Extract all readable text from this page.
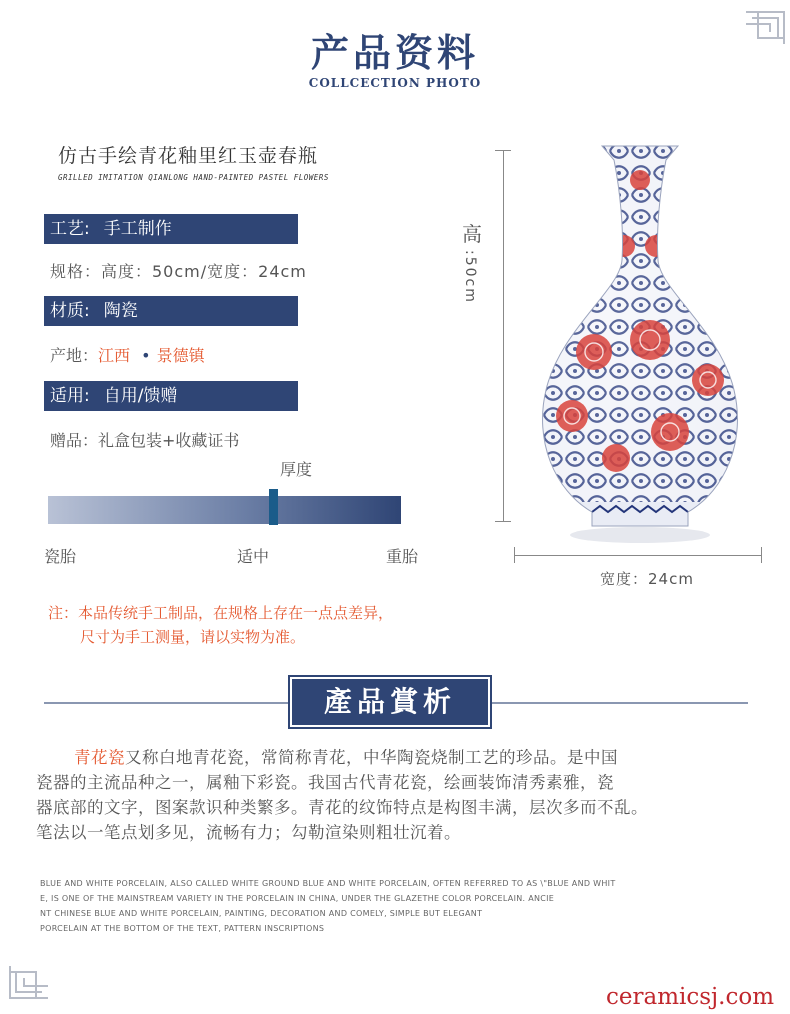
产品资料
COLLCECTION PHOTO
仿古手绘青花釉里红玉壶春瓶
GRILLED IMITATION QIANLONG HAND-PAINTED PASTEL FLOWERS
工艺: 手工制作
规格：高度：50cm/宽度：24cm
材质: 陶瓷
产地：江西 • 景德镇
适用: 自用/馈赠
赠品：礼盒包装+收藏证书
厚度
瓷胎	适中	重胎
注：本品传统手工制品，在规格上存在一点点差异，
尺寸为手工测量，请以实物为准。
高
:50cm
宽度：24cm
產品賞析
青花瓷又称白地青花瓷，常简称青花，中华陶瓷烧制工艺的珍品。是中国
瓷器的主流品种之一，属釉下彩瓷。我国古代青花瓷，绘画装饰清秀素雅，瓷
器底部的文字，图案款识种类繁多。青花的纹饰特点是构图丰满，层次多而不乱。
笔法以一笔点划多见，流畅有力；勾勒渲染则粗壮沉着。
BLUE AND WHITE PORCELAIN, ALSO CALLED WHITE GROUND BLUE AND WHITE PORCELAIN, OFTEN REFERRED TO AS \"BLUE AND WHIT
E, IS ONE OF THE MAINSTREAM VARIETY IN THE PORCELAIN IN CHINA, UNDER THE GLAZETHE COLOR PORCELAIN. ANCIE
NT CHINESE BLUE AND WHITE PORCELAIN, PAINTING, DECORATION AND COMELY, SIMPLE BUT ELEGANT
PORCELAIN AT THE BOTTOM OF THE TEXT, PATTERN INSCRIPTIONS
ceramicsj.com
